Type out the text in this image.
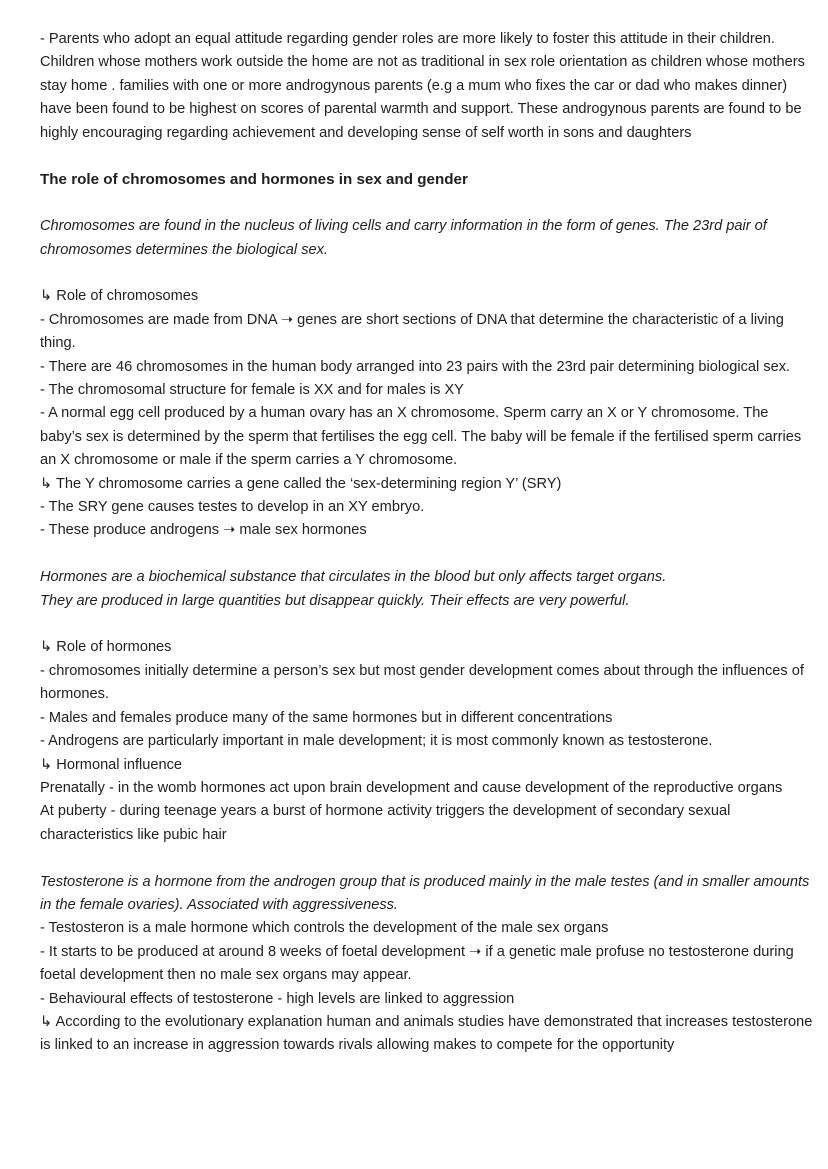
- Parents who adopt an equal attitude regarding gender roles are more likely to foster this attitude in their children. Children whose mothers work outside the home are not as traditional in sex role orientation as children whose mothers stay home . families with one or more androgynous parents (e.g a mum who fixes the car or dad who makes dinner) have been found to be highest on scores of parental warmth and support. These androgynous parents are found to be highly encouraging regarding achievement and developing sense of self worth in sons and daughters

The role of chromosomes and hormones in sex and gender

Chromosomes are found in the nucleus of living cells and carry information in the form of genes. The 23rd pair of chromosomes determines the biological sex.

↳ Role of chromosomes

- Chromosomes are made from DNA ➝ genes are short sections of DNA that determine the characteristic of a living thing.

- There are 46 chromosomes in the human body arranged into 23 pairs with the 23rd pair determining biological sex.

- The chromosomal structure for female is XX and for males is XY

- A normal egg cell produced by a human ovary has an X chromosome. Sperm carry an X or Y chromosome. The baby’s sex is determined by the sperm that fertilises the egg cell. The baby will be female if the fertilised sperm carries an X chromosome or male if the sperm carries a Y chromosome.

↳ The Y chromosome carries a gene called the ‘sex-determining region Y’ (SRY)

- The SRY gene causes testes to develop in an XY embryo.

- These produce androgens ➝ male sex hormones

Hormones are a biochemical substance that circulates in the blood but only affects target organs.

They are produced in large quantities but disappear quickly. Their effects are very powerful.

↳ Role of hormones

- chromosomes initially determine a person’s sex but most gender development comes about through the influences of hormones.

- Males and females produce many of the same hormones but in different concentrations

- Androgens are particularly important in male development; it is most commonly known as testosterone.

↳ Hormonal influence

Prenatally - in the womb hormones act upon brain development and cause development of the reproductive organs

At puberty - during teenage years a burst of hormone activity triggers the development of secondary sexual characteristics like pubic hair

Testosterone is a hormone from the androgen group that is produced mainly in the male testes (and in smaller amounts in the female ovaries). Associated with aggressiveness.

- Testosteron is a male hormone which controls the development of the male sex organs

- It starts to be produced at around 8 weeks of foetal development ➝ if a genetic male profuse no testosterone during foetal development then no male sex organs may appear.

- Behavioural effects of testosterone - high levels are linked to aggression

↳ According to the evolutionary explanation human and animals studies have demonstrated that increases testosterone is linked to an increase in aggression towards rivals allowing makes to compete for the opportunity
